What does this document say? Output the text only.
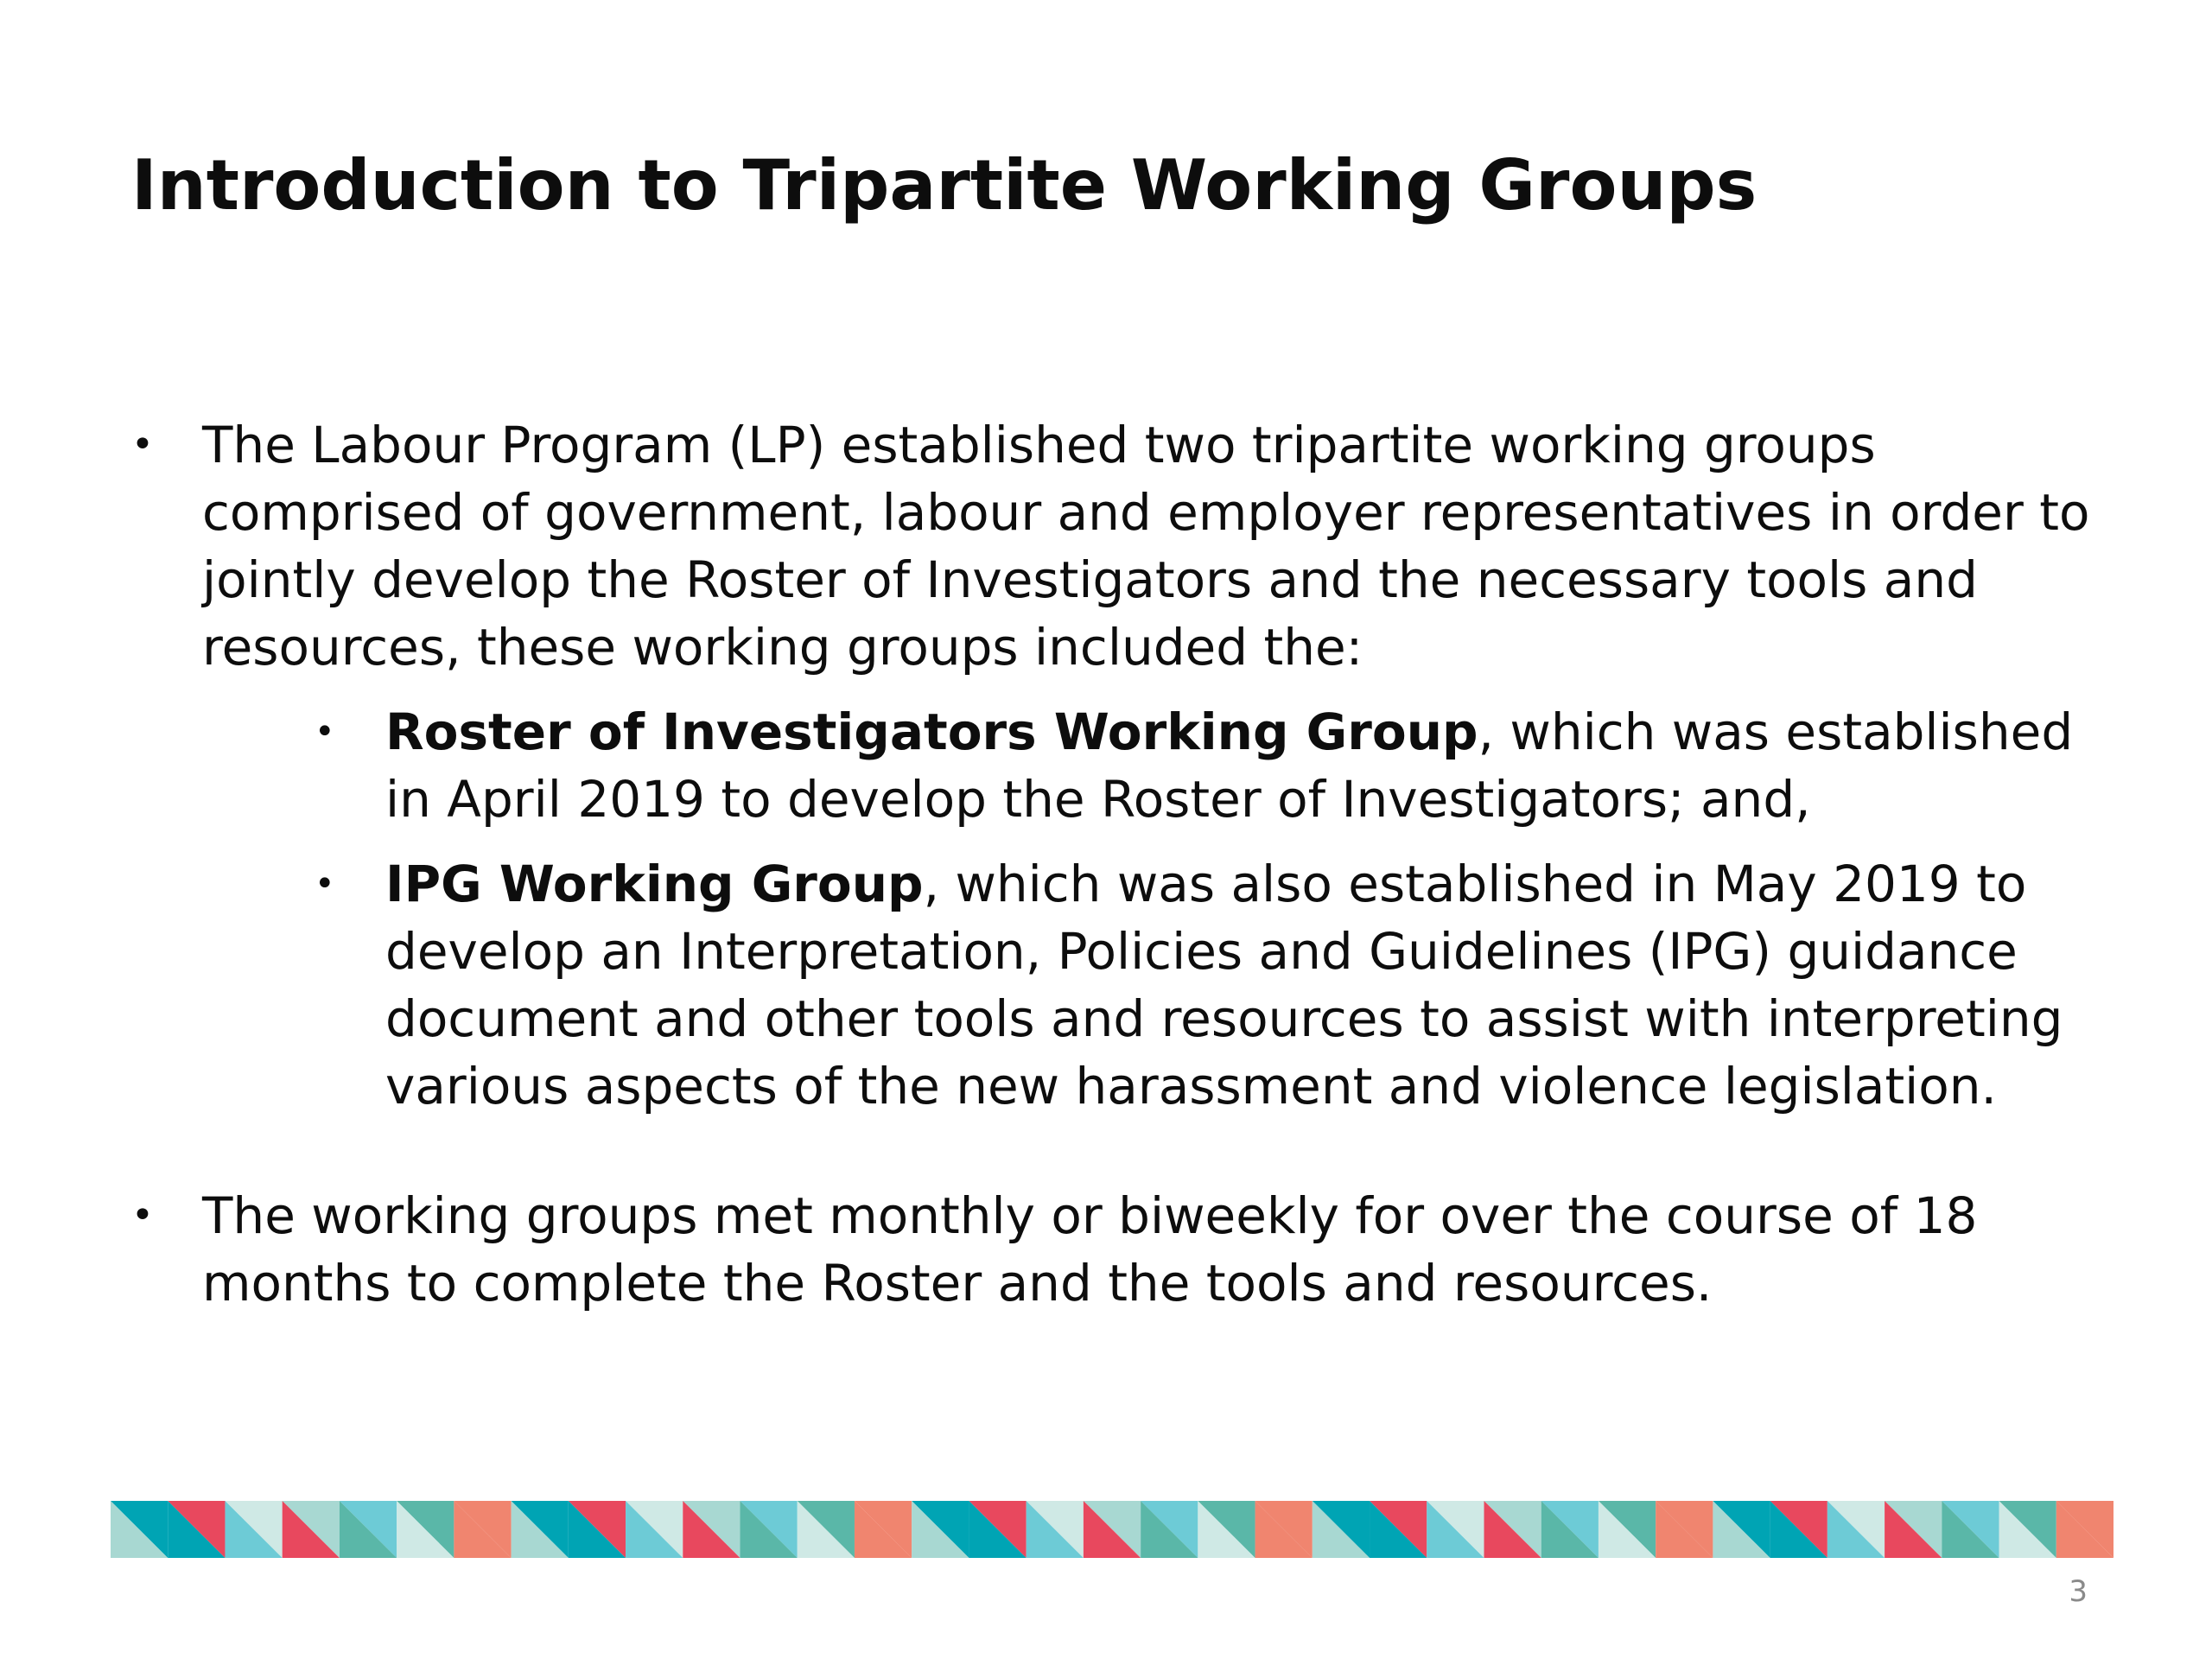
Introduction to Tripartite Working Groups
• The Labour Program (LP) established two tripartite working groups comprised of government, labour and employer representatives in order to jointly develop the Roster of Investigators and the necessary tools and resources, these working groups included the:
• Roster of Investigators Working Group, which was established in April 2019 to develop the Roster of Investigators; and,
• IPG Working Group, which was also established in May 2019 to develop an Interpretation, Policies and Guidelines (IPG) guidance document and other tools and resources to assist with interpreting various aspects of the new harassment and violence legislation.
• The working groups met monthly or biweekly for over the course of 18 months to complete the Roster and the tools and resources.
3
